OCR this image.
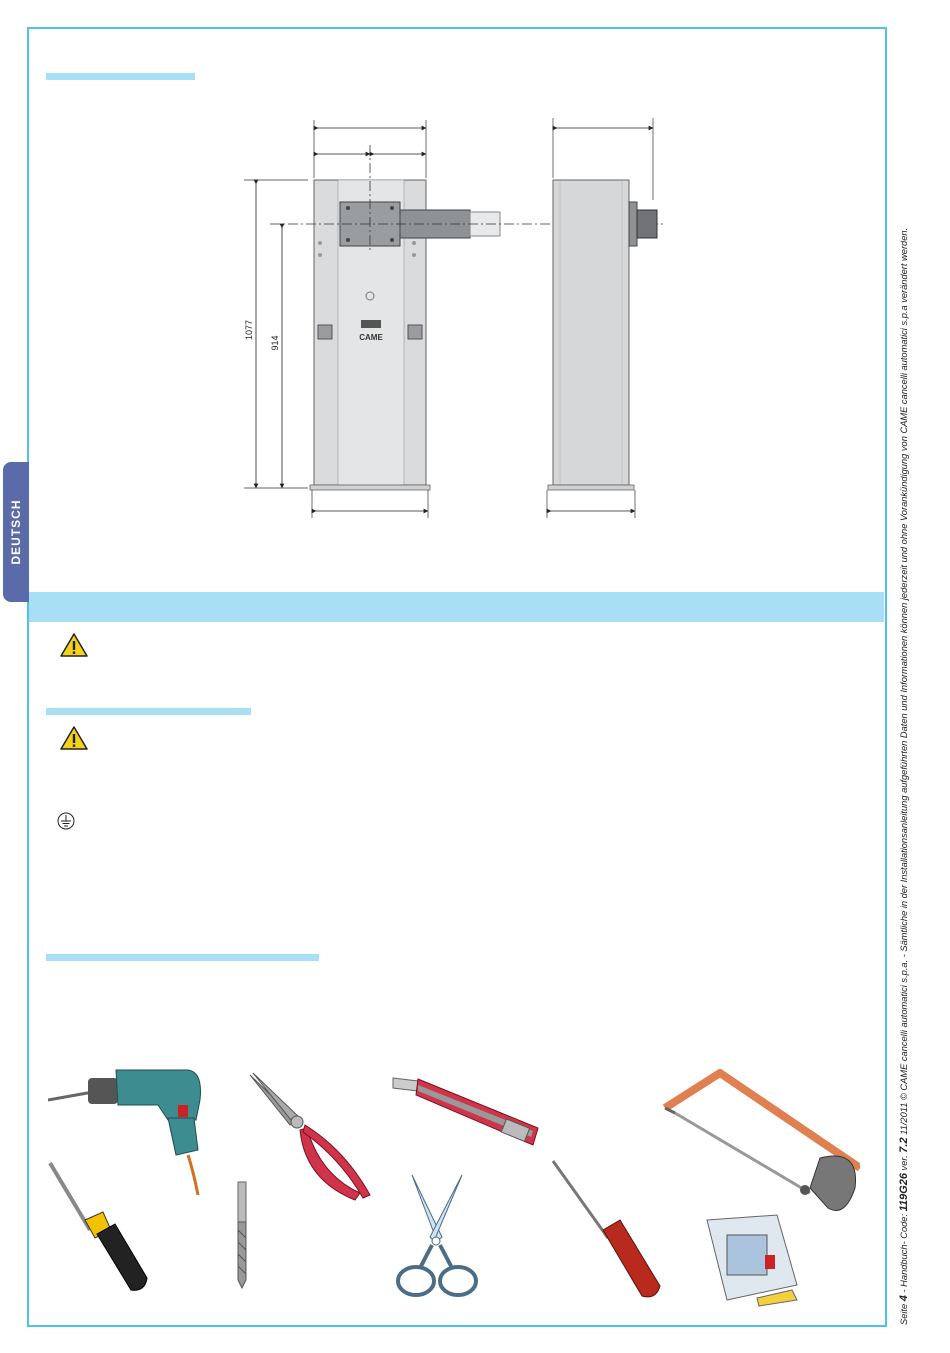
DEUTSCH
CAME
1077
914
Seite 4 - Handbuch- Code: 119G26 ver. 7.2 11/2011 © CAME cancelli automatici s.p.a. - Sämtliche in der Installationsanleitung aufgeführten Daten und Informationen können jederzeit und ohne Vorankündigung von CAME cancelli automatici s.p.a verändert werden.
